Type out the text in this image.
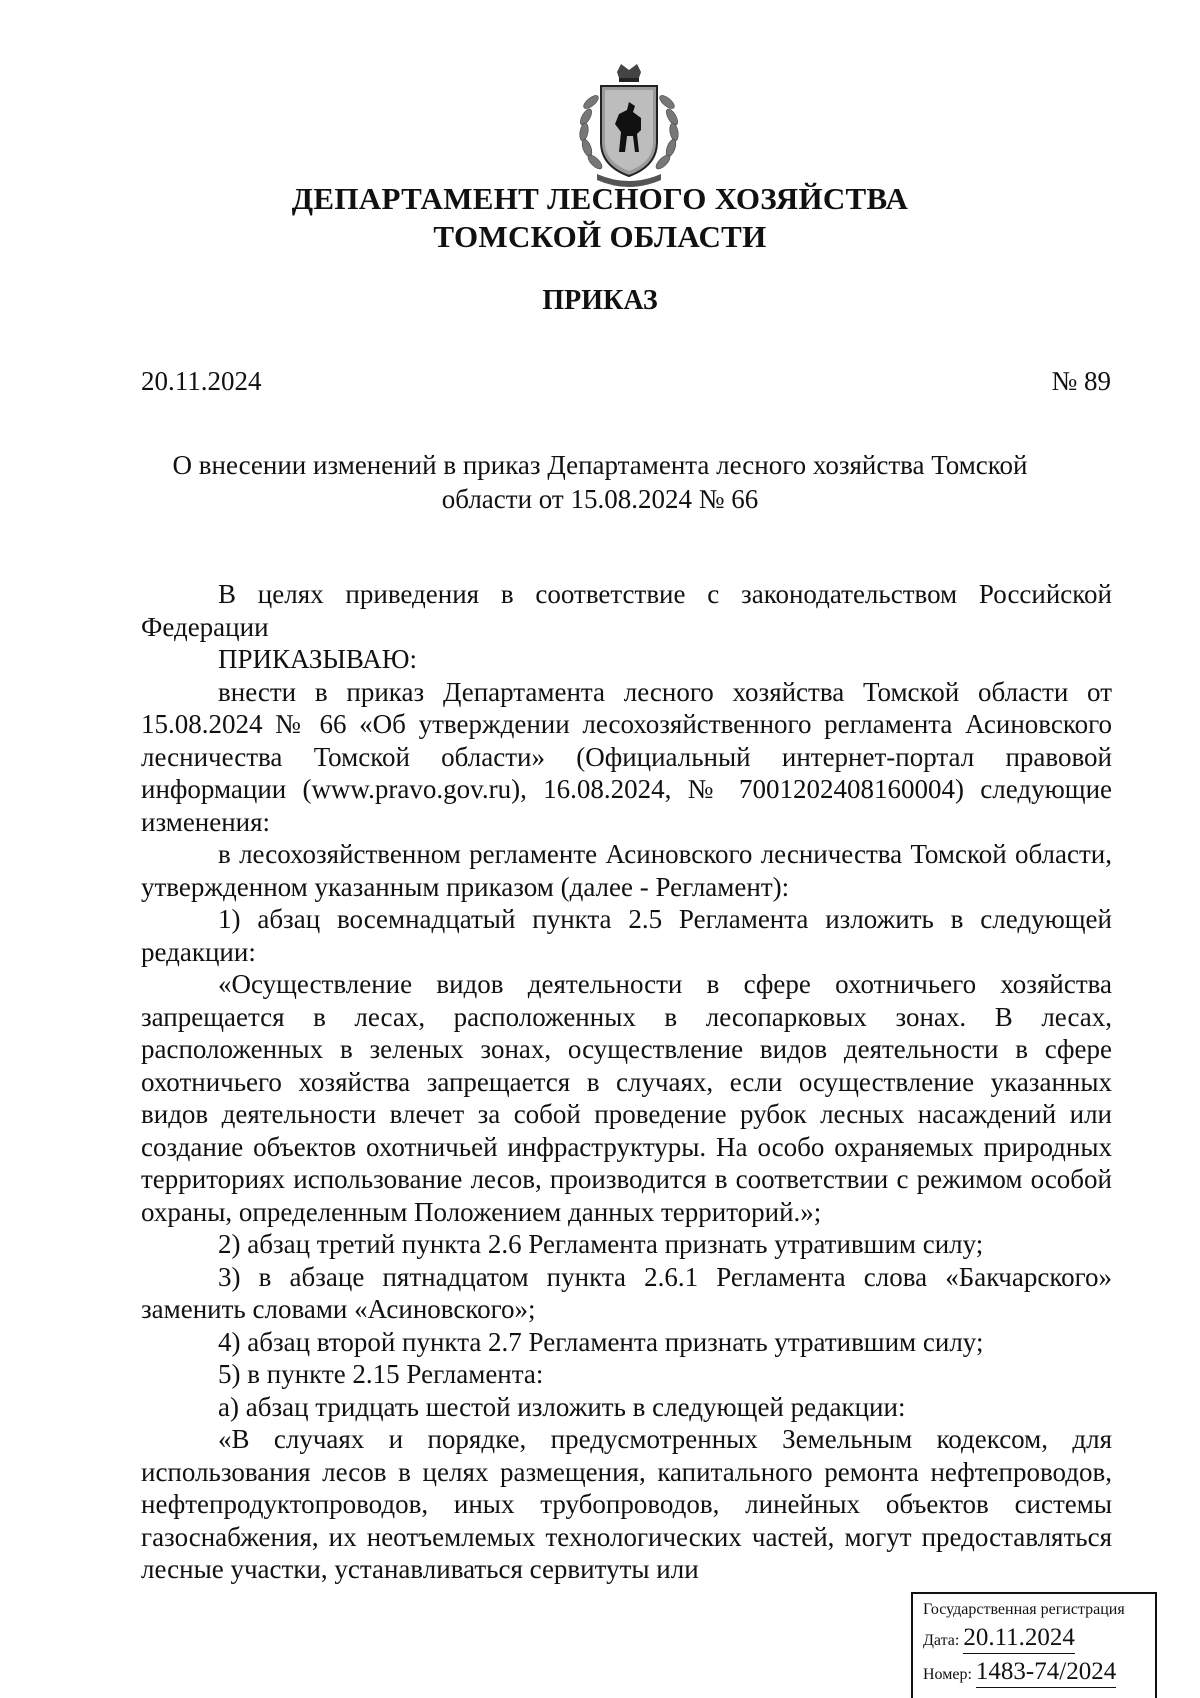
ДЕПАРТАМЕНТ ЛЕСНОГО ХОЗЯЙСТВА
ТОМСКОЙ ОБЛАСТИ
ПРИКАЗ
20.11.2024	№ 89
О внесении изменений в приказ Департамента лесного хозяйства Томской
области от 15.08.2024 № 66

В целях приведения в соответствие с законодательством Российской Федерации

ПРИКАЗЫВАЮ:

внести в приказ Департамента лесного хозяйства Томской области от 15.08.2024 № 66 «Об утверждении лесохозяйственного регламента Асиновского лесничества Томской области» (Официальный интернет-портал правовой информации (www.pravo.gov.ru), 16.08.2024, № 7001202408160004) следующие изменения:

в лесохозяйственном регламенте Асиновского лесничества Томской области, утвержденном указанным приказом (далее - Регламент):

1) абзац восемнадцатый пункта 2.5 Регламента изложить в следующей редакции:

«Осуществление видов деятельности в сфере охотничьего хозяйства запрещается в лесах, расположенных в лесопарковых зонах. В лесах, расположенных в зеленых зонах, осуществление видов деятельности в сфере охотничьего хозяйства запрещается в случаях, если осуществление указанных видов деятельности влечет за собой проведение рубок лесных насаждений или создание объектов охотничьей инфраструктуры. На особо охраняемых природных территориях использование лесов, производится в соответствии с режимом особой охраны, определенным Положением данных территорий.»;

2) абзац третий пункта 2.6 Регламента признать утратившим силу;

3) в абзаце пятнадцатом пункта 2.6.1 Регламента слова «Бакчарского» заменить словами «Асиновского»;

4) абзац второй пункта 2.7 Регламента признать утратившим силу;

5) в пункте 2.15 Регламента:

а) абзац тридцать шестой изложить в следующей редакции:

«В случаях и порядке, предусмотренных Земельным кодексом, для использования лесов в целях размещения, капитального ремонта нефтепроводов, нефтепродуктопроводов, иных трубопроводов, линейных объектов системы газоснабжения, их неотъемлемых технологических частей, могут предоставляться лесные участки, устанавливаться сервитуты или

Государственная регистрация
Дата: 20.11.2024
Номер: 1483-74/2024
